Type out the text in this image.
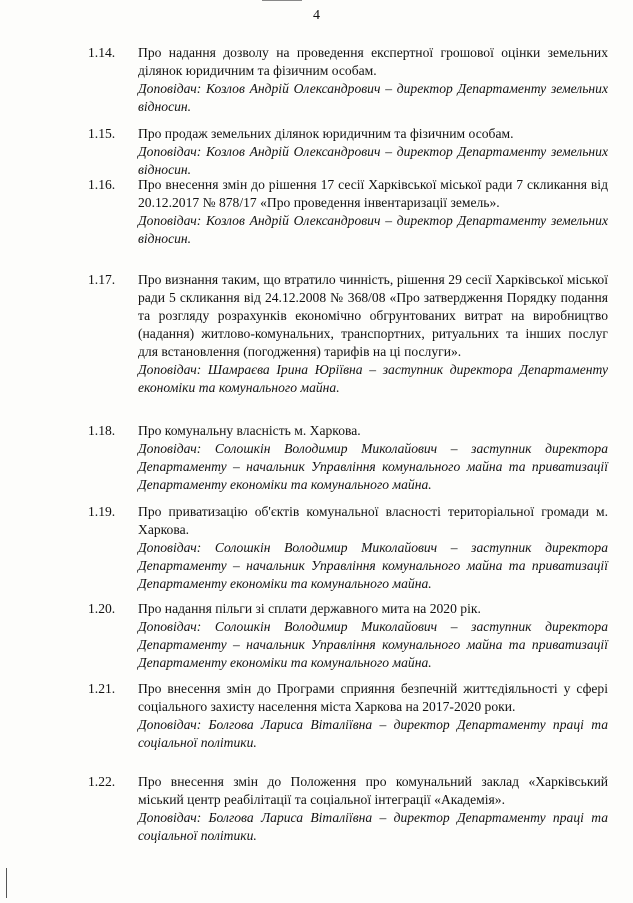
4
1.14. Про надання дозволу на проведення експертної грошової оцінки земельних ділянок юридичним та фізичним особам.

Доповідач: Козлов Андрій Олександрович – директор Департаменту земельних відносин.

1.15. Про продаж земельних ділянок юридичним та фізичним особам.

Доповідач: Козлов Андрій Олександрович – директор Департаменту земельних відносин.

1.16. Про внесення змін до рішення 17 сесії Харківської міської ради 7 скликання від 20.12.2017 № 878/17 «Про проведення інвентаризації земель».

Доповідач: Козлов Андрій Олександрович – директор Департаменту земельних відносин.

1.17. Про визнання таким, що втратило чинність, рішення 29 сесії Харківської міської ради 5 скликання від 24.12.2008 № 368/08 «Про затвердження Порядку подання та розгляду розрахунків економічно обгрунтованих витрат на виробництво (надання) житлово-комунальних, транспортних, ритуальних та інших послуг для встановлення (погодження) тарифів на ці послуги».

Доповідач: Шамраєва Ірина Юріївна – заступник директора Департаменту економіки та комунального майна.

1.18. Про комунальну власність м. Харкова.

Доповідач: Солошкін Володимир Миколайович – заступник директора Департаменту – начальник Управління комунального майна та приватизації Департаменту економіки та комунального майна.

1.19. Про приватизацію об'єктів комунальної власності територіальної громади м. Харкова.

Доповідач: Солошкін Володимир Миколайович – заступник директора Департаменту – начальник Управління комунального майна та приватизації Департаменту економіки та комунального майна.

1.20. Про надання пільги зі сплати державного мита на 2020 рік.

Доповідач: Солошкін Володимир Миколайович – заступник директора Департаменту – начальник Управління комунального майна та приватизації Департаменту економіки та комунального майна.

1.21. Про внесення змін до Програми сприяння безпечній життєдіяльності у сфері соціального захисту населення міста Харкова на 2017-2020 роки.

Доповідач: Болгова Лариса Віталіївна – директор Департаменту праці та соціальної політики.

1.22. Про внесення змін до Положення про комунальний заклад «Харківський міський центр реабілітації та соціальної інтеграції «Академія».

Доповідач: Болгова Лариса Віталіївна – директор Департаменту праці та соціальної політики.
